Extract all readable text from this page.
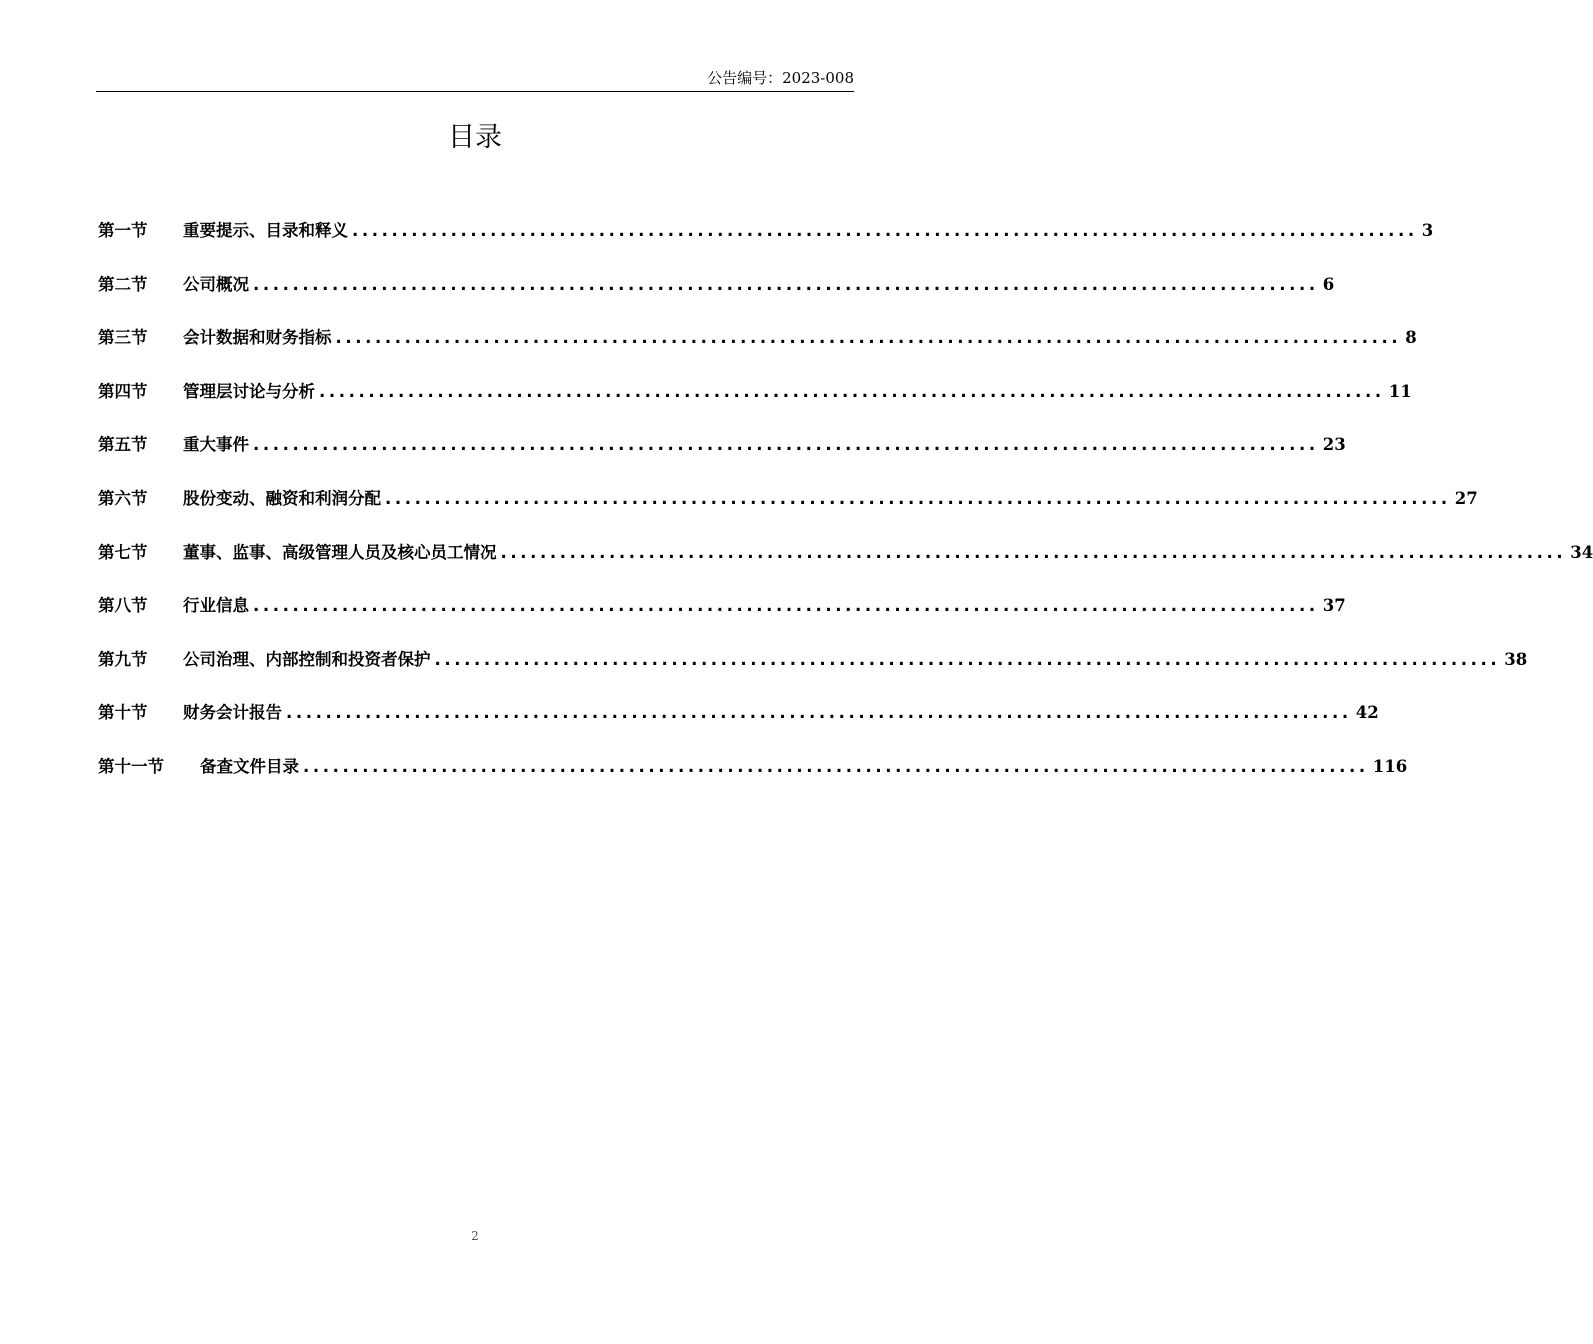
公告编号：2023-008
目录
第一节	重要提示、目录和释义 ............................................................................................................ 3
第二节	公司概况 ............................................................................................................ 6
第三节	会计数据和财务指标 ............................................................................................................ 8
第四节	管理层讨论与分析 ............................................................................................................ 11
第五节	重大事件 ............................................................................................................ 23
第六节	股份变动、融资和利润分配 ............................................................................................................ 27
第七节	董事、监事、高级管理人员及核心员工情况 ............................................................................................................ 34
第八节	行业信息 ............................................................................................................ 37
第九节	公司治理、内部控制和投资者保护 ............................................................................................................ 38
第十节	财务会计报告 ............................................................................................................ 42
第十一节	备查文件目录 ............................................................................................................ 116
2
